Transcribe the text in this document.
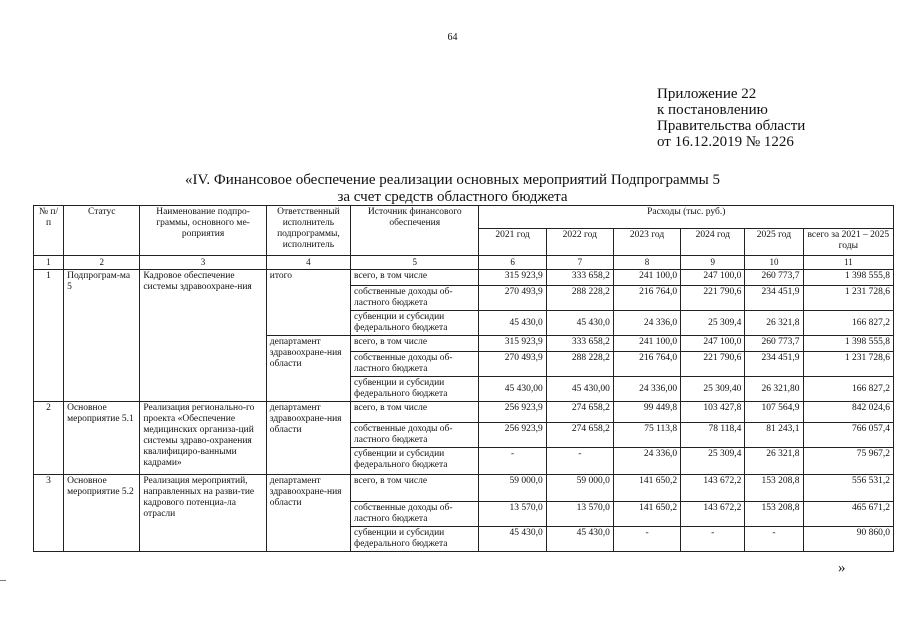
64
Приложение 22
к постановлению
Правительства области
от 16.12.2019 № 1226
«IV. Финансовое обеспечение реализации основных мероприятий Подпрограммы 5
за счет средств областного бюджета
№ п/п	Статус	Наименование подпро-граммы, основного ме-роприятия	Ответственный исполнитель подпрограммы, исполнитель	Источник финансового обеспечения	Расходы (тыс. руб.)					
					2021 год	2022 год	2023 год	2024 год	2025 год	всего за 2021 – 2025 годы
1	2	3	4	5	6	7	8	9	10	11
1	Подпрограм-ма 5	Кадровое обеспечение системы здравоохране-ния	итого	всего, в том числе	315 923,9	333 658,2	241 100,0	247 100,0	260 773,7	1 398 555,8
				собственные доходы об-ластного бюджета	270 493,9	288 228,2	216 764,0	221 790,6	234 451,9	1 231 728,6
				субвенции и субсидии федерального бюджета	45 430,0	45 430,0	24 336,0	25 309,4	26 321,8	166 827,2
			департамент здравоохране-ния области	всего, в том числе	315 923,9	333 658,2	241 100,0	247 100,0	260 773,7	1 398 555,8
				собственные доходы об-ластного бюджета	270 493,9	288 228,2	216 764,0	221 790,6	234 451,9	1 231 728,6
				субвенции и субсидии федерального бюджета	45 430,00	45 430,00	24 336,00	25 309,40	26 321,80	166 827,2
2	Основное мероприятие 5.1	Реализация регионально-го проекта «Обеспечение медицинских организа-ций системы здраво-охранения квалифициро-ванными кадрами»	департамент здравоохране-ния области	всего, в том числе	256 923,9	274 658,2	99 449,8	103 427,8	107 564,9	842 024,6
				собственные доходы об-ластного бюджета	256 923,9	274 658,2	75 113,8	78 118,4	81 243,1	766 057,4
				субвенции и субсидии федерального бюджета	-	-	24 336,0	25 309,4	26 321,8	75 967,2
3	Основное мероприятие 5.2	Реализация мероприятий, направленных на разви-тие кадрового потенциа-ла отрасли	департамент здравоохране-ния области	всего, в том числе	59 000,0	59 000,0	141 650,2	143 672,2	153 208,8	556 531,2
				собственные доходы об-ластного бюджета	13 570,0	13 570,0	141 650,2	143 672,2	153 208,8	465 671,2
				субвенции и субсидии федерального бюджета	45 430,0	45 430,0	-	-	-	90 860,0
»
